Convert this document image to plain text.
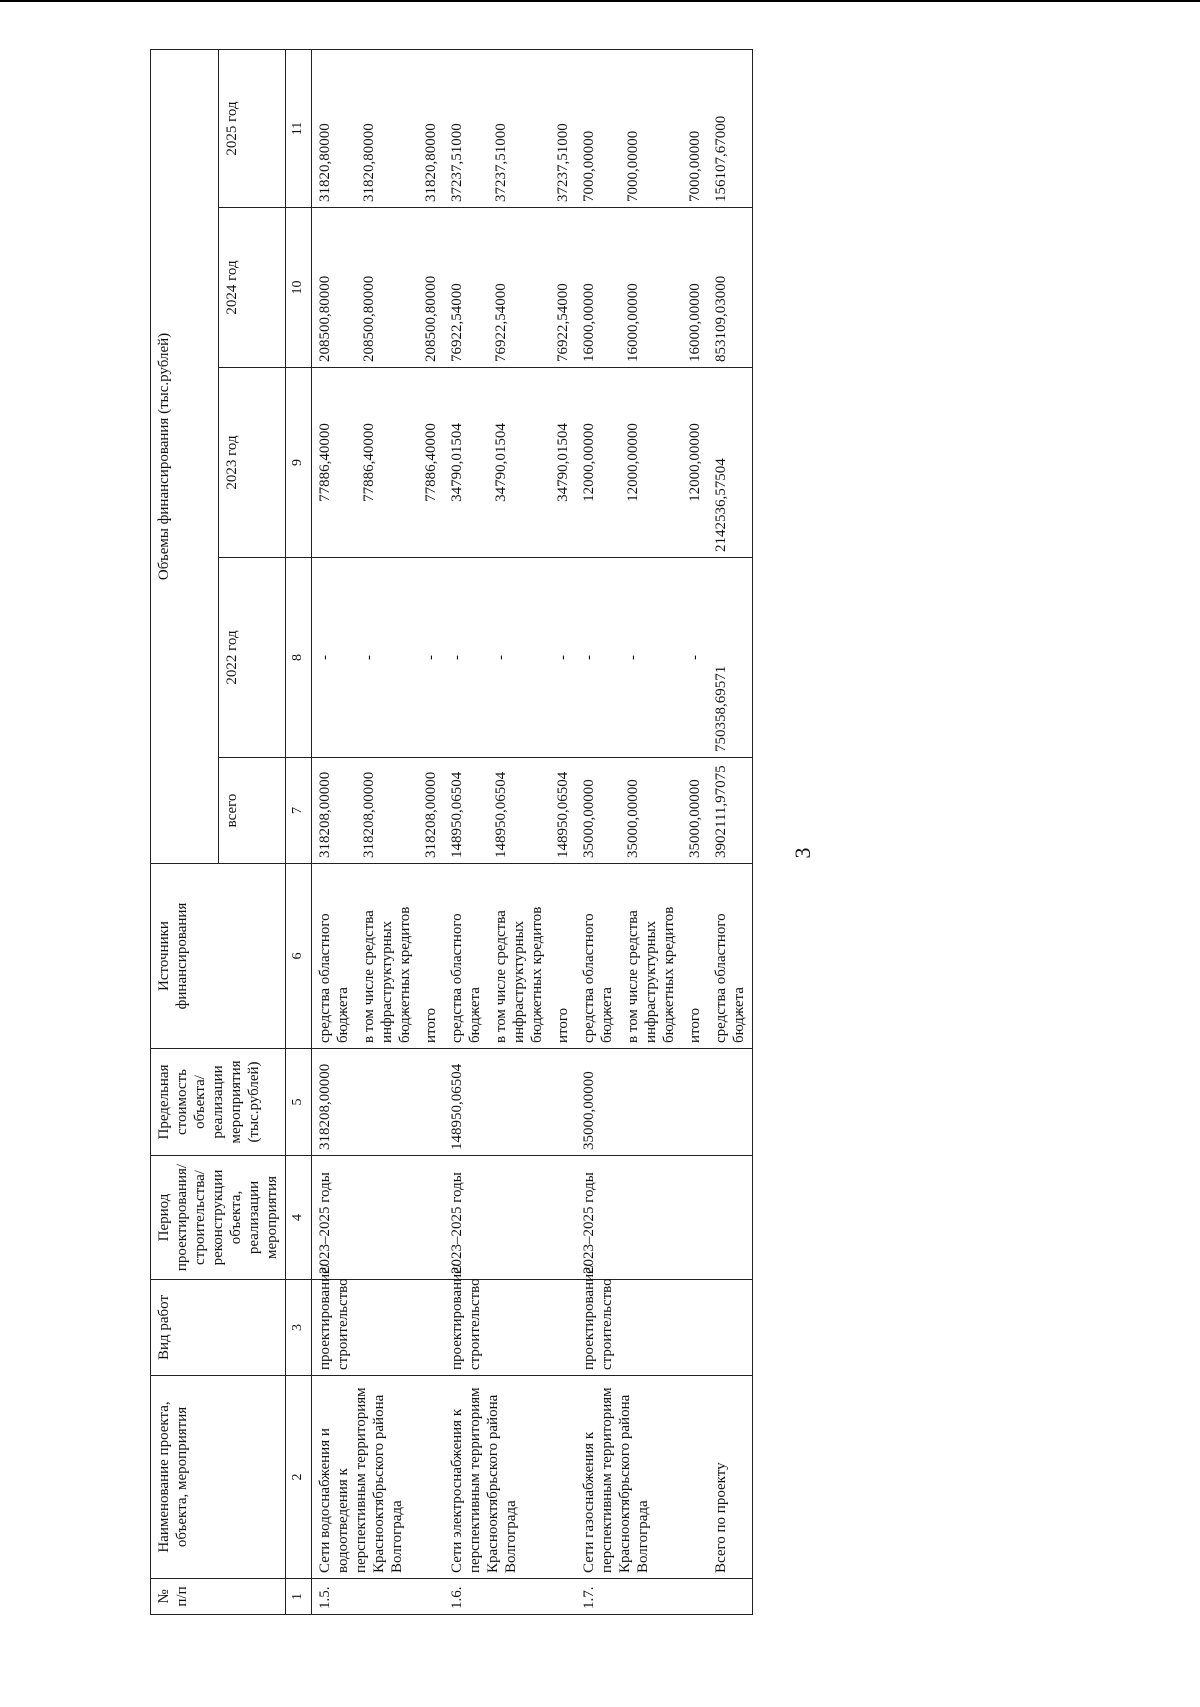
3
№ п/п	Наименование проекта, объекта, мероприятия	Вид работ	Период проектирования/ строительства/ реконструкции объекта, реализации мероприятия	Предельная стоимость объекта/ реализации мероприятия (тыс.рублей)	Источники финансирования	Объемы финансирования (тыс.рублей)				
						всего	2022 год	2023 год	2024 год	2025 год
1	2	3	4	5	6	7	8	9	10	11
1.5.	Сети водоснабжения и водоотведения к перспективным территориям Краснооктябрьского района Волгограда	проектирование/ строительство	2023–2025 годы	318208,00000	средства областного бюджета	318208,00000	-	77886,40000	208500,80000	31820,80000
					в том числе средства инфраструктурных бюджетных кредитов	318208,00000	-	77886,40000	208500,80000	31820,80000
					итого	318208,00000	-	77886,40000	208500,80000	31820,80000
1.6.	Сети электроснабжения к перспективным территориям Краснооктябрьского района Волгограда	проектирование/ строительство	2023–2025 годы	148950,06504	средства областного бюджета	148950,06504	-	34790,01504	76922,54000	37237,51000
					в том числе средства инфраструктурных бюджетных кредитов	148950,06504	-	34790,01504	76922,54000	37237,51000
					итого	148950,06504	-	34790,01504	76922,54000	37237,51000
1.7.	Сети газоснабжения к перспективным территориям Краснооктябрьского района Волгограда	проектирование/ строительство	2023–2025 годы	35000,00000	средства областного бюджета	35000,00000	-	12000,00000	16000,00000	7000,00000
					в том числе средства инфраструктурных бюджетных кредитов	35000,00000	-	12000,00000	16000,00000	7000,00000
					итого	35000,00000	-	12000,00000	16000,00000	7000,00000
	Всего по проекту				средства областного бюджета	3902111,97075	750358,69571	2142536,57504	853109,03000	156107,67000
